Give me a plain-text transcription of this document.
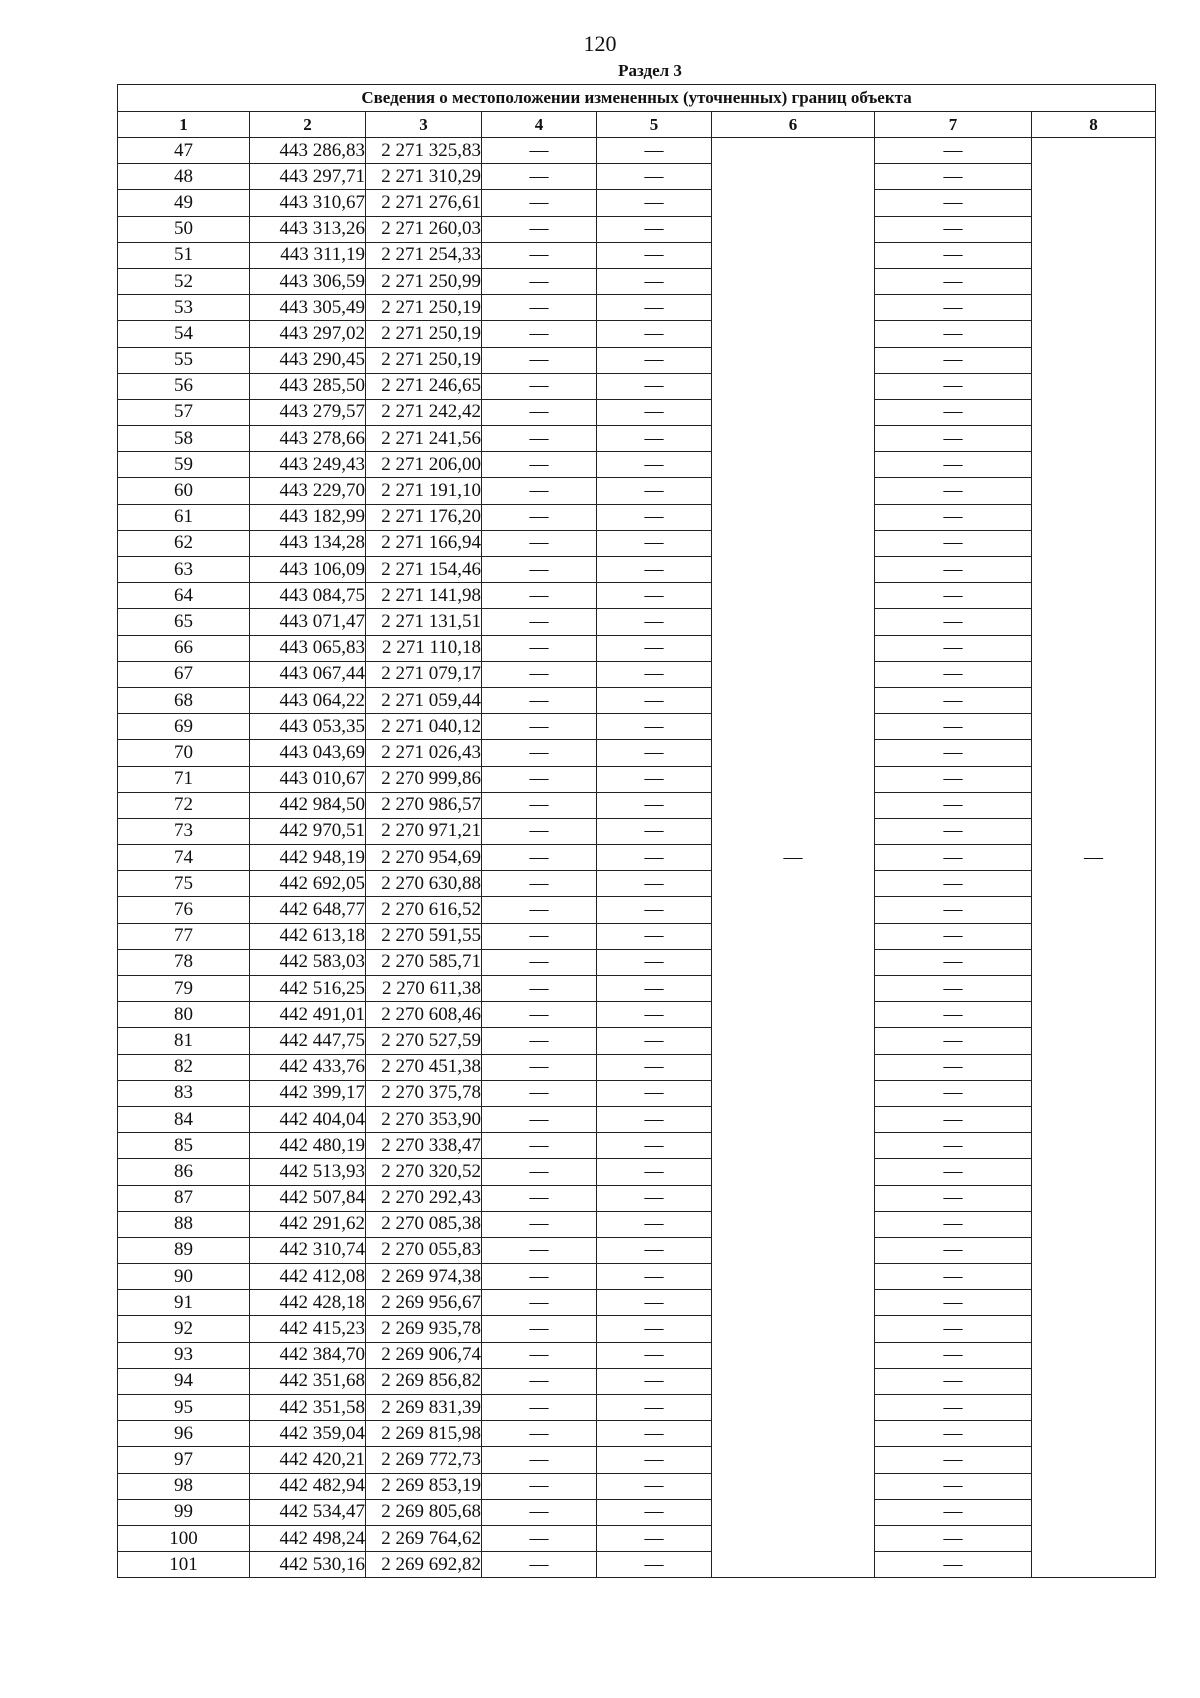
120
Раздел 3
Сведения о местоположении измененных (уточненных) границ объекта							
1	2	3	4	5	6	7	8
47	443 286,83	2 271 325,83	—	—	—	—	—
48	443 297,71	2 271 310,29	—	—		—	
49	443 310,67	2 271 276,61	—	—		—	
50	443 313,26	2 271 260,03	—	—		—	
51	443 311,19	2 271 254,33	—	—		—	
52	443 306,59	2 271 250,99	—	—		—	
53	443 305,49	2 271 250,19	—	—		—	
54	443 297,02	2 271 250,19	—	—		—	
55	443 290,45	2 271 250,19	—	—		—	
56	443 285,50	2 271 246,65	—	—		—	
57	443 279,57	2 271 242,42	—	—		—	
58	443 278,66	2 271 241,56	—	—		—	
59	443 249,43	2 271 206,00	—	—		—	
60	443 229,70	2 271 191,10	—	—		—	
61	443 182,99	2 271 176,20	—	—		—	
62	443 134,28	2 271 166,94	—	—		—	
63	443 106,09	2 271 154,46	—	—		—	
64	443 084,75	2 271 141,98	—	—		—	
65	443 071,47	2 271 131,51	—	—		—	
66	443 065,83	2 271 110,18	—	—		—	
67	443 067,44	2 271 079,17	—	—		—	
68	443 064,22	2 271 059,44	—	—		—	
69	443 053,35	2 271 040,12	—	—		—	
70	443 043,69	2 271 026,43	—	—		—	
71	443 010,67	2 270 999,86	—	—		—	
72	442 984,50	2 270 986,57	—	—		—	
73	442 970,51	2 270 971,21	—	—		—	
74	442 948,19	2 270 954,69	—	—		—	
75	442 692,05	2 270 630,88	—	—		—	
76	442 648,77	2 270 616,52	—	—		—	
77	442 613,18	2 270 591,55	—	—		—	
78	442 583,03	2 270 585,71	—	—		—	
79	442 516,25	2 270 611,38	—	—		—	
80	442 491,01	2 270 608,46	—	—		—	
81	442 447,75	2 270 527,59	—	—		—	
82	442 433,76	2 270 451,38	—	—		—	
83	442 399,17	2 270 375,78	—	—		—	
84	442 404,04	2 270 353,90	—	—		—	
85	442 480,19	2 270 338,47	—	—		—	
86	442 513,93	2 270 320,52	—	—		—	
87	442 507,84	2 270 292,43	—	—		—	
88	442 291,62	2 270 085,38	—	—		—	
89	442 310,74	2 270 055,83	—	—		—	
90	442 412,08	2 269 974,38	—	—		—	
91	442 428,18	2 269 956,67	—	—		—	
92	442 415,23	2 269 935,78	—	—		—	
93	442 384,70	2 269 906,74	—	—		—	
94	442 351,68	2 269 856,82	—	—		—	
95	442 351,58	2 269 831,39	—	—		—	
96	442 359,04	2 269 815,98	—	—		—	
97	442 420,21	2 269 772,73	—	—		—	
98	442 482,94	2 269 853,19	—	—		—	
99	442 534,47	2 269 805,68	—	—		—	
100	442 498,24	2 269 764,62	—	—		—	
101	442 530,16	2 269 692,82	—	—		—	
